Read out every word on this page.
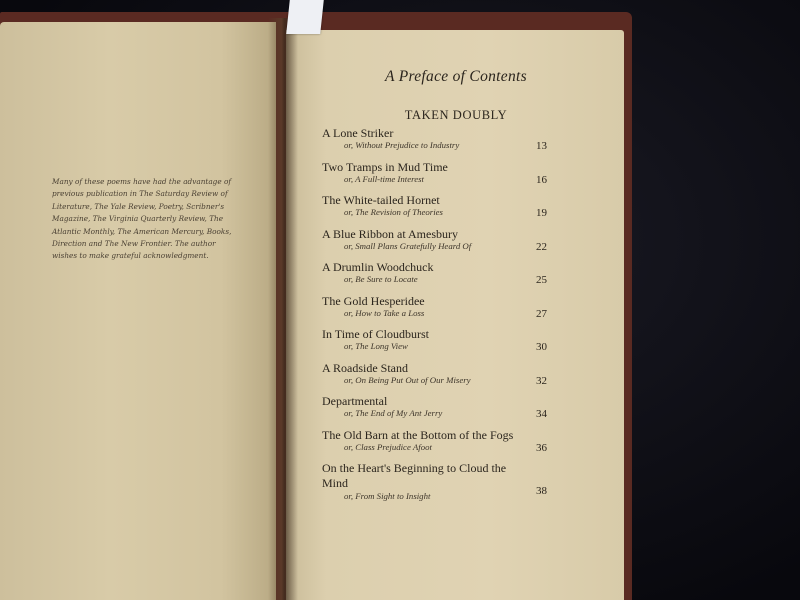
Many of these poems have had the advantage of
previous publication in The Saturday Review of
Literature, The Yale Review, Poetry, Scribner's
Magazine, The Virginia Quarterly Review, The
Atlantic Monthly, The American Mercury, Books,
Direction and The New Frontier. The author
wishes to make grateful acknowledgment.
A Preface of Contents
TAKEN DOUBLY
A Lone Striker
or, Without Prejudice to Industry	13
Two Tramps in Mud Time
or, A Full-time Interest	16
The White-tailed Hornet
or, The Revision of Theories	19
A Blue Ribbon at Amesbury
or, Small Plans Gratefully Heard Of	22
A Drumlin Woodchuck
or, Be Sure to Locate	25
The Gold Hesperidee
or, How to Take a Loss	27
In Time of Cloudburst
or, The Long View	30
A Roadside Stand
or, On Being Put Out of Our Misery	32
Departmental
or, The End of My Ant Jerry	34
The Old Barn at the Bottom of the Fogs
or, Class Prejudice Afoot	36
On the Heart's Beginning to Cloud the Mind
or, From Sight to Insight	38
